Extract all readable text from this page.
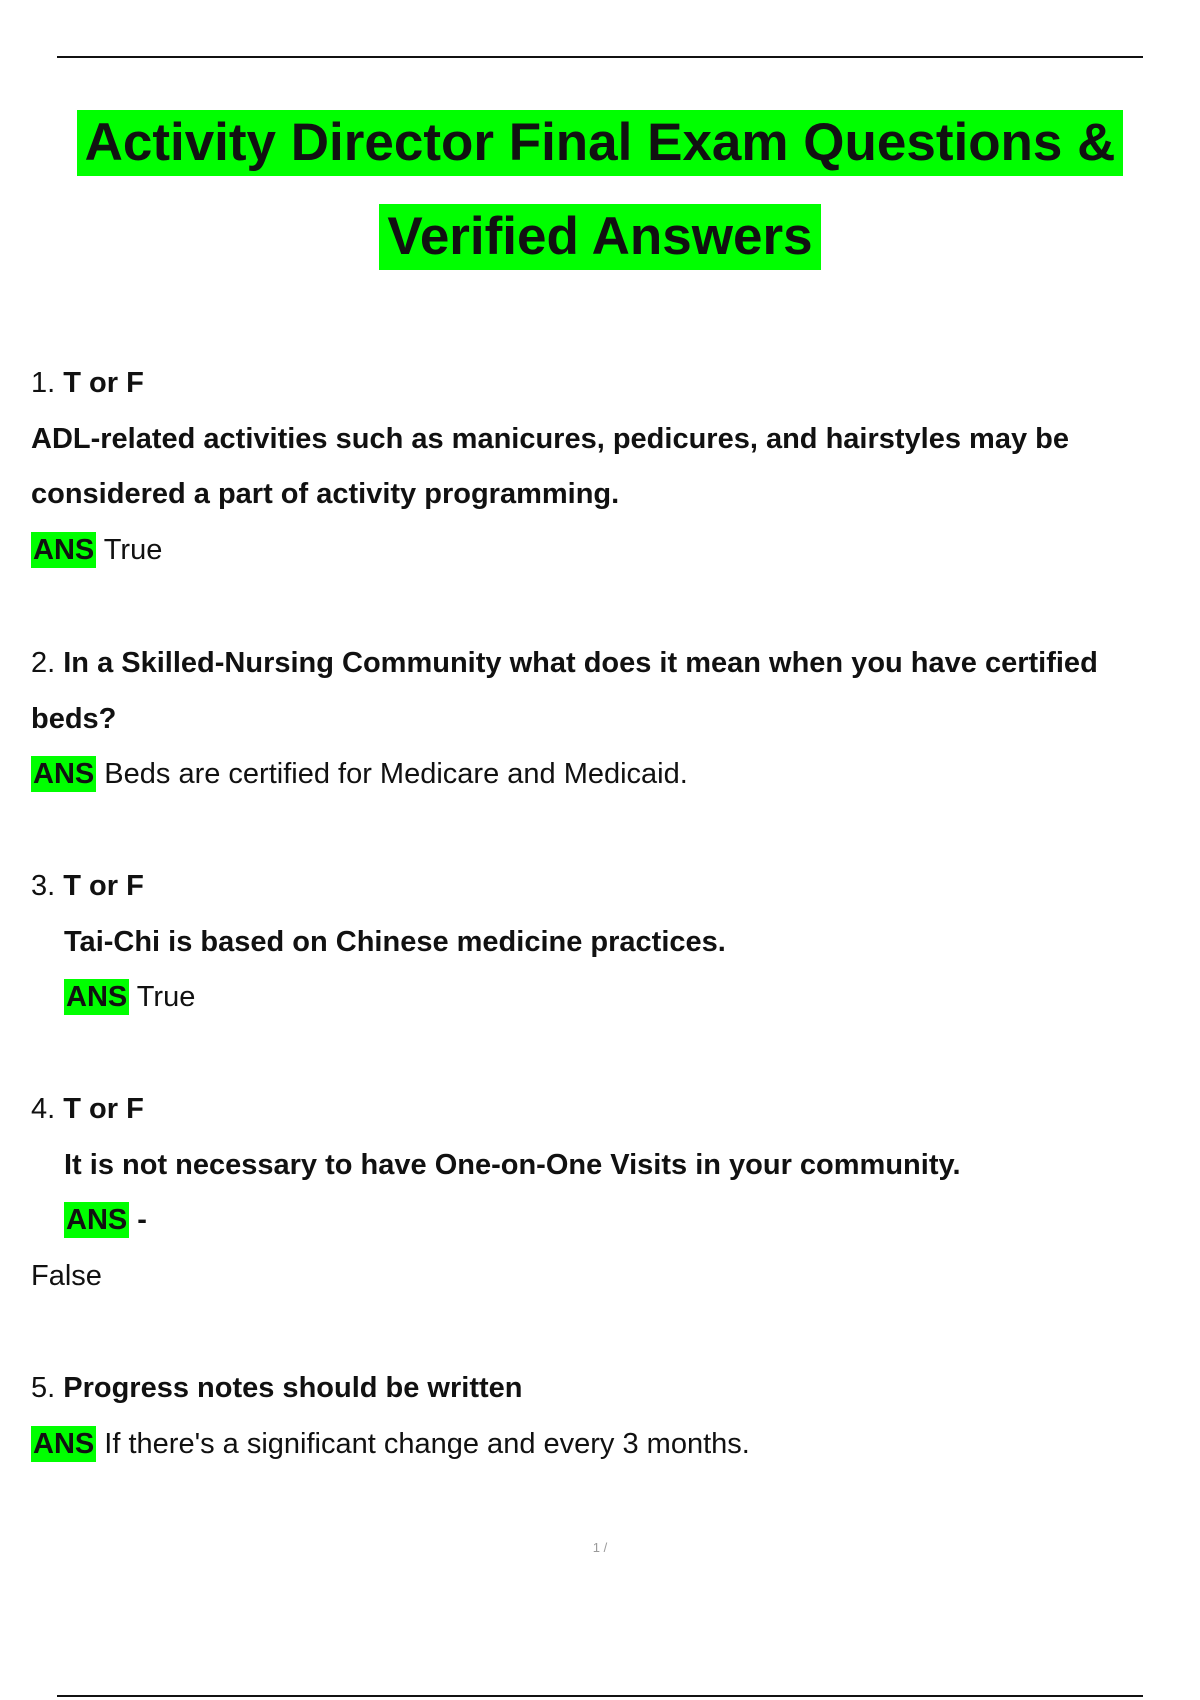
Activity Director Final Exam Questions &
Verified Answers
1. T or F
ADL-related activities such as manicures, pedicures, and hairstyles may be
considered a part of activity programming.
ANS True
2. In a Skilled-Nursing Community what does it mean when you have certified
beds?
ANS Beds are certified for Medicare and Medicaid.
3. T or F
Tai-Chi is based on Chinese medicine practices.
ANS True
4. T or F
It is not necessary to have One-on-One Visits in your community.
ANS -
False
5. Progress notes should be written
ANS If there's a significant change and every 3 months.
1 /
